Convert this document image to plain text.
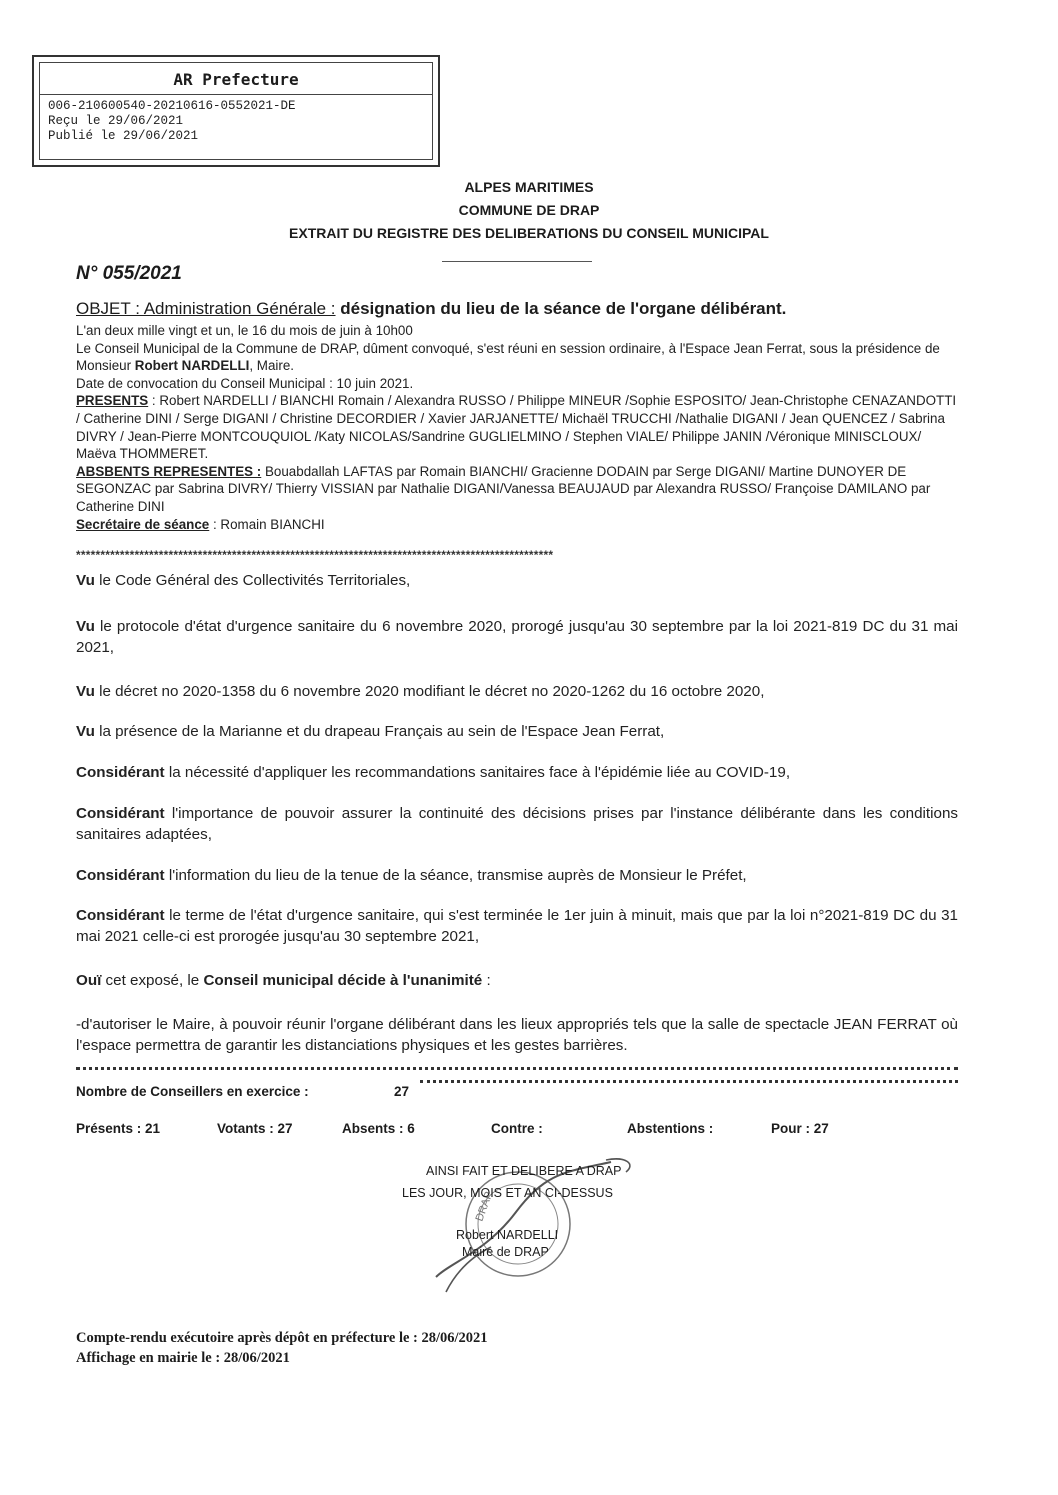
AR Prefecture
006-210600540-20210616-0552021-DE
Reçu le 29/06/2021
Publié le 29/06/2021
ALPES MARITIMES
COMMUNE DE DRAP
EXTRAIT DU REGISTRE DES DELIBERATIONS DU CONSEIL MUNICIPAL
N° 055/2021
OBJET : Administration Générale : désignation du lieu de la séance de l'organe délibérant.
L'an deux mille vingt et un, le 16 du mois de juin à 10h00
Le Conseil Municipal de la Commune de DRAP, dûment convoqué, s'est réuni en session ordinaire, à l'Espace Jean Ferrat, sous la présidence de Monsieur Robert NARDELLI, Maire.
Date de convocation du Conseil Municipal : 10 juin 2021.
PRESENTS : Robert NARDELLI / BIANCHI Romain / Alexandra RUSSO / Philippe MINEUR /Sophie ESPOSITO/ Jean-Christophe CENAZANDOTTI / Catherine DINI / Serge DIGANI / Christine DECORDIER / Xavier JARJANETTE/ Michaël TRUCCHI /Nathalie DIGANI / Jean QUENCEZ / Sabrina DIVRY / Jean-Pierre MONTCOUQUIOL /Katy NICOLAS/Sandrine GUGLIELMINO / Stephen VIALE/ Philippe JANIN /Véronique MINISCLOUX/ Maëva THOMMERET.
ABSBENTS REPRESENTES : Bouabdallah LAFTAS par Romain BIANCHI/ Gracienne DODAIN par Serge DIGANI/ Martine DUNOYER DE SEGONZAC par Sabrina DIVRY/ Thierry VISSIAN par Nathalie DIGANI/Vanessa BEAUJAUD par Alexandra RUSSO/ Françoise DAMILANO par Catherine DINI
Secrétaire de séance : Romain BIANCHI
**************************************************************************************************
Vu le Code Général des Collectivités Territoriales,
Vu le protocole d'état d'urgence sanitaire du 6 novembre 2020, prorogé jusqu'au 30 septembre par la loi 2021-819 DC du 31 mai 2021,
Vu le décret no 2020-1358 du 6 novembre 2020 modifiant le décret no 2020-1262 du 16 octobre 2020,
Vu la présence de la Marianne et du drapeau Français au sein de l'Espace Jean Ferrat,
Considérant la nécessité d'appliquer les recommandations sanitaires face à l'épidémie liée au COVID-19,
Considérant l'importance de pouvoir assurer la continuité des décisions prises par l'instance délibérante dans les conditions sanitaires adaptées,
Considérant l'information du lieu de la tenue de la séance, transmise auprès de Monsieur le Préfet,
Considérant le terme de l'état d'urgence sanitaire, qui s'est terminée le 1er juin à minuit, mais que par la loi n°2021-819 DC du 31 mai 2021 celle-ci est prorogée jusqu'au 30 septembre 2021,
Ouï cet exposé, le Conseil municipal décide à l'unanimité :
-d'autoriser le Maire, à pouvoir réunir l'organe délibérant dans les lieux appropriés tels que la salle de spectacle JEAN FERRAT où l'espace permettra de garantir les distanciations physiques et les gestes barrières.
Nombre de Conseillers en exercice :	27
Présents : 21	Votants : 27	Absents : 6	Contre :	Abstentions :	Pour : 27
DRAP
AINSI FAIT ET DELIBERE A DRAP
LES JOUR, MOIS ET AN CI-DESSUS
Robert NARDELLI
Maire de DRAP
Compte-rendu exécutoire après dépôt en préfecture le : 28/06/2021
Affichage en mairie le : 28/06/2021
